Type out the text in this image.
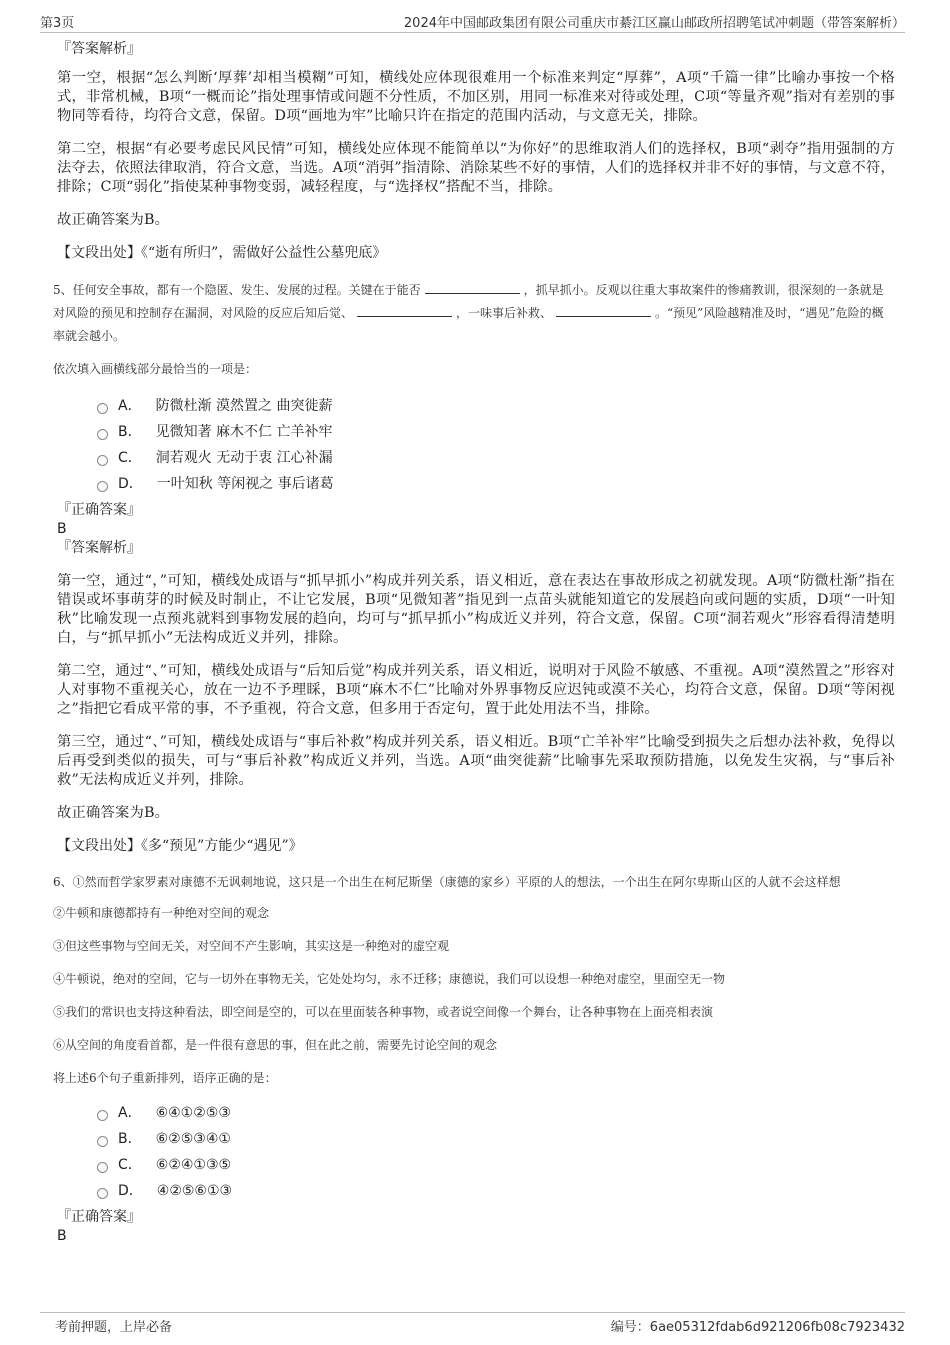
第3页	2024年中国邮政集团有限公司重庆市綦江区赢山邮政所招聘笔试冲刺题（带答案解析）

『答案解析』

第一空，根据“怎么判断‘厚葬’却相当模糊”可知，横线处应体现很难用一个标准来判定“厚葬”，A项“千篇一律”比喻办事按一个格式，非常机械，B项“一概而论”指处理事情或问题不分性质，不加区别，用同一标准来对待或处理，C项“等量齐观”指对有差别的事物同等看待，均符合文意，保留。D项“画地为牢”比喻只许在指定的范围内活动，与文意无关，排除。

第二空，根据“有必要考虑民风民情”可知，横线处应体现不能简单以“为你好”的思维取消人们的选择权，B项“剥夺”指用强制的方法夺去，依照法律取消，符合文意，当选。A项“消弭”指清除、消除某些不好的事情，人们的选择权并非不好的事情，与文意不符，排除；C项“弱化”指使某种事物变弱，减轻程度，与“选择权”搭配不当，排除。

故正确答案为B。

【文段出处】《“逝有所归”，需做好公益性公墓兜底》

5、任何安全事故，都有一个隐匿、发生、发展的过程。关键在于能否	，抓早抓小。反观以往重大事故案件的惨痛教训，很深刻的一条就是对风险的预见和控制存在漏洞，对风险的反应后知后觉、	，一味事后补救、	。“预见”风险越精准及时，“遇见”危险的概率就会越小。

依次填入画横线部分最恰当的一项是：

A． 防微杜渐 漠然置之 曲突徙薪
B． 见微知著 麻木不仁 亡羊补牢
C． 洞若观火 无动于衷 江心补漏
D． 一叶知秋 等闲视之 事后诸葛

『正确答案』

B

『答案解析』

第一空，通过“，”可知，横线处成语与“抓早抓小”构成并列关系，语义相近，意在表达在事故形成之初就发现。A项“防微杜渐”指在错误或坏事萌芽的时候及时制止，不让它发展，B项“见微知著”指见到一点苗头就能知道它的发展趋向或问题的实质，D项“一叶知秋”比喻发现一点预兆就料到事物发展的趋向，均可与“抓早抓小”构成近义并列，符合文意，保留。C项“洞若观火”形容看得清楚明白，与“抓早抓小”无法构成近义并列，排除。

第二空，通过“、”可知，横线处成语与“后知后觉”构成并列关系，语义相近，说明对于风险不敏感、不重视。A项“漠然置之”形容对人对事物不重视关心，放在一边不予理睬，B项“麻木不仁”比喻对外界事物反应迟钝或漠不关心，均符合文意，保留。D项“等闲视之”指把它看成平常的事，不予重视，符合文意，但多用于否定句，置于此处用法不当，排除。

第三空，通过“、”可知，横线处成语与“事后补救”构成并列关系，语义相近。B项“亡羊补牢”比喻受到损失之后想办法补救，免得以后再受到类似的损失，可与“事后补救”构成近义并列，当选。A项“曲突徙薪”比喻事先采取预防措施，以免发生灾祸，与“事后补救”无法构成近义并列，排除。

故正确答案为B。

【文段出处】《多“预见”方能少“遇见”》

6、①然而哲学家罗素对康德不无讽刺地说，这只是一个出生在柯尼斯堡（康德的家乡）平原的人的想法，一个出生在阿尔卑斯山区的人就不会这样想

②牛顿和康德都持有一种绝对空间的观念

③但这些事物与空间无关，对空间不产生影响，其实这是一种绝对的虚空观

④牛顿说，绝对的空间，它与一切外在事物无关，它处处均匀，永不迁移；康德说，我们可以设想一种绝对虚空，里面空无一物

⑤我们的常识也支持这种看法，即空间是空的，可以在里面装各种事物，或者说空间像一个舞台，让各种事物在上面亮相表演

⑥从空间的角度看首都，是一件很有意思的事，但在此之前，需要先讨论空间的观念

将上述6个句子重新排列，语序正确的是：

A． ⑥④①②⑤③
B． ⑥②⑤③④①
C． ⑥②④①③⑤
D． ④②⑤⑥①③

『正确答案』

B

考前押题，上岸必备	编号：6ae05312fdab6d921206fb08c7923432
